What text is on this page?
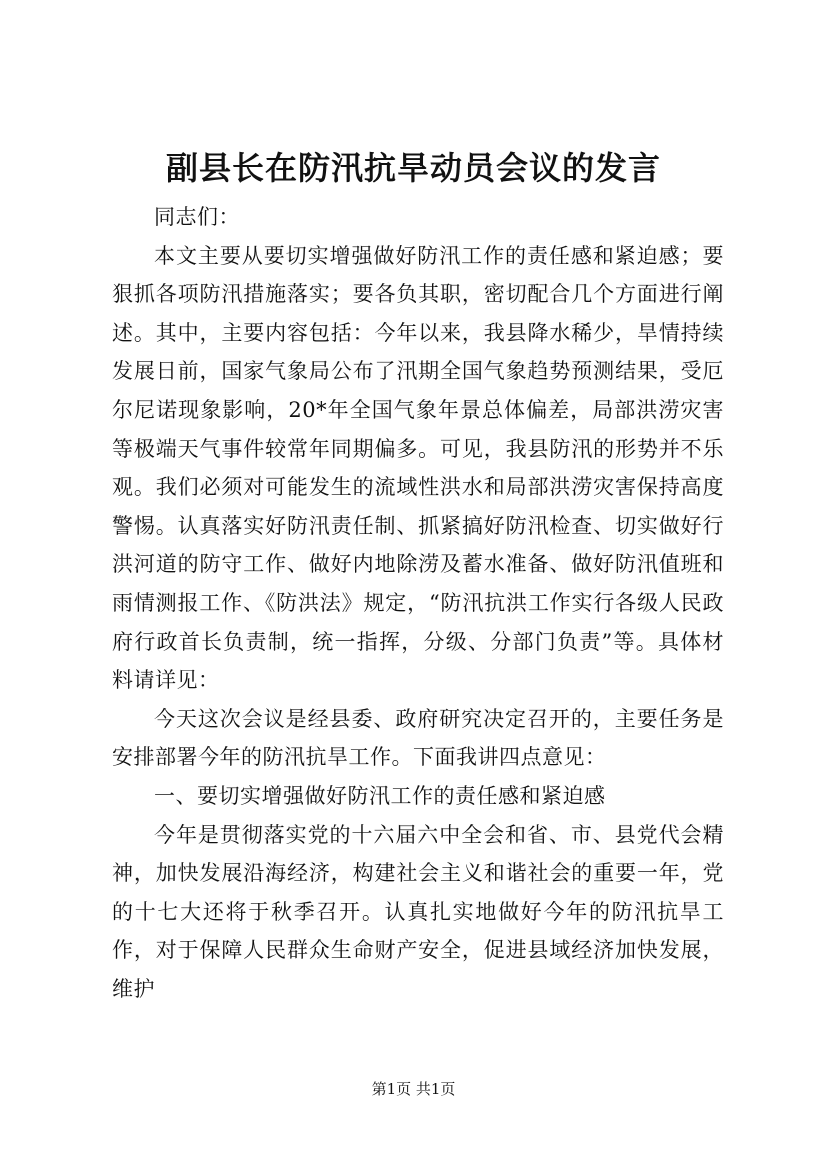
副县长在防汛抗旱动员会议的发言

同志们：

本文主要从要切实增强做好防汛工作的责任感和紧迫感；要狠抓各项防汛措施落实；要各负其职，密切配合几个方面进行阐述。其中，主要内容包括：今年以来，我县降水稀少，旱情持续发展日前，国家气象局公布了汛期全国气象趋势预测结果，受厄尔尼诺现象影响，20*年全国气象年景总体偏差，局部洪涝灾害等极端天气事件较常年同期偏多。可见，我县防汛的形势并不乐观。我们必须对可能发生的流域性洪水和局部洪涝灾害保持高度警惕。认真落实好防汛责任制、抓紧搞好防汛检查、切实做好行洪河道的防守工作、做好内地除涝及蓄水准备、做好防汛值班和雨情测报工作、《防洪法》规定，“防汛抗洪工作实行各级人民政府行政首长负责制，统一指挥，分级、分部门负责”等。具体材料请详见：

今天这次会议是经县委、政府研究决定召开的，主要任务是安排部署今年的防汛抗旱工作。下面我讲四点意见：

一、要切实增强做好防汛工作的责任感和紧迫感

今年是贯彻落实党的十六届六中全会和省、市、县党代会精神，加快发展沿海经济，构建社会主义和谐社会的重要一年，党的十七大还将于秋季召开。认真扎实地做好今年的防汛抗旱工作，对于保障人民群众生命财产安全，促进县域经济加快发展，维护

第1页 共1页
